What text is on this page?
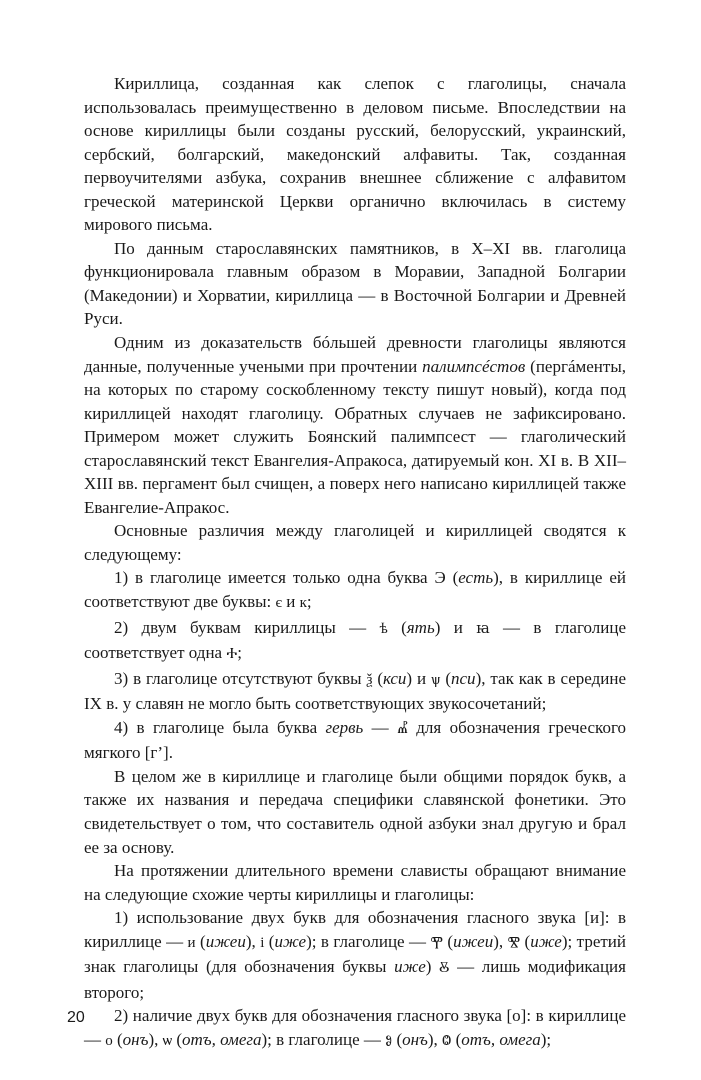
Кириллица, созданная как слепок с глаголицы, сначала использовалась преимущественно в деловом письме. Впоследствии на основе кириллицы были созданы русский, белорусский, украинский, сербский, болгарский, македонский алфавиты. Так, созданная первоучителями азбука, сохранив внешнее сближение с алфавитом греческой материнской Церкви органично включилась в систему мирового письма.

По данным старославянских памятников, в X–XI вв. глаголица функционировала главным образом в Моравии, Западной Болгарии (Македонии) и Хорватии, кириллица — в Восточной Болгарии и Древней Руси.

Одним из доказательств бóльшей древности глаголицы являются данные, полученные учеными при прочтении палимпсéстов (пергáменты, на которых по старому соскобленному тексту пишут новый), когда под кириллицей находят глаголицу. Обратных случаев не зафиксировано. Примером может служить Боянский палимпсест — глаголический старославянский текст Евангелия-Апракоса, датируемый кон. XI в. В XII–XIII вв. пергамент был счищен, а поверх него написано кириллицей также Евангелие-Апракос.

Основные различия между глаголицей и кириллицей сводятся к следующему:

1) в глаголице имеется только одна буква Э (есть), в кириллице ей соответствуют две буквы: є и к;

2) двум буквам кириллицы — ѣ (ять) и ꙗ — в глаголице соответствует одна Ⰰ;

3) в глаголице отсутствуют буквы ѯ (кси) и ѱ (пси), так как в середине IX в. у славян не могло быть соответствующих звукосочетаний;

4) в глаголице была буква гервь — Ⰼ для обозначения греческого мягкого [г’].

В целом же в кириллице и глаголице были общими порядок букв, а также их названия и передача специфики славянской фонетики. Это свидетельствует о том, что составитель одной азбуки знал другую и брал ее за основу.

На протяжении длительного времени слависты обращают внимание на следующие схожие черты кириллицы и глаголицы:

1) использование двух букв для обозначения гласного звука [и]: в кириллице — и (ижеи), і (иже); в глаголице — Ⰹ (ижеи), Ⰺ (иже); третий знак глаголицы (для обозначения буквы иже) Ⰻ — лишь модификация второго;

2) наличие двух букв для обозначения гласного звука [о]: в кириллице — о (онъ), ѡ (отъ, омега); в глаголице — Ⱁ (онъ), Ⱉ (отъ, омега);

20
